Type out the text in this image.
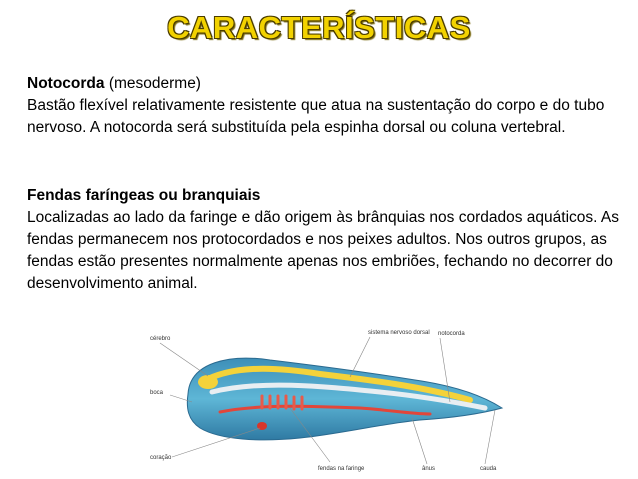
CARACTERÍSTICAS
Notocorda (mesoderme)
Bastão flexível relativamente resistente que atua na sustentação do corpo e do tubo nervoso. A notocorda será substituída pela espinha dorsal ou coluna vertebral.
Fendas faríngeas ou branquiais
Localizadas ao lado da faringe e dão origem às brânquias nos cordados aquáticos. As fendas permanecem nos protocordados e nos peixes adultos. Nos outros grupos, as fendas estão presentes normalmente apenas nos embriões, fechando no decorrer do desenvolvimento animal.
cérebro
sistema nervoso dorsal notocorda
boca
coração
fendas na faringe	ânus	cauda
